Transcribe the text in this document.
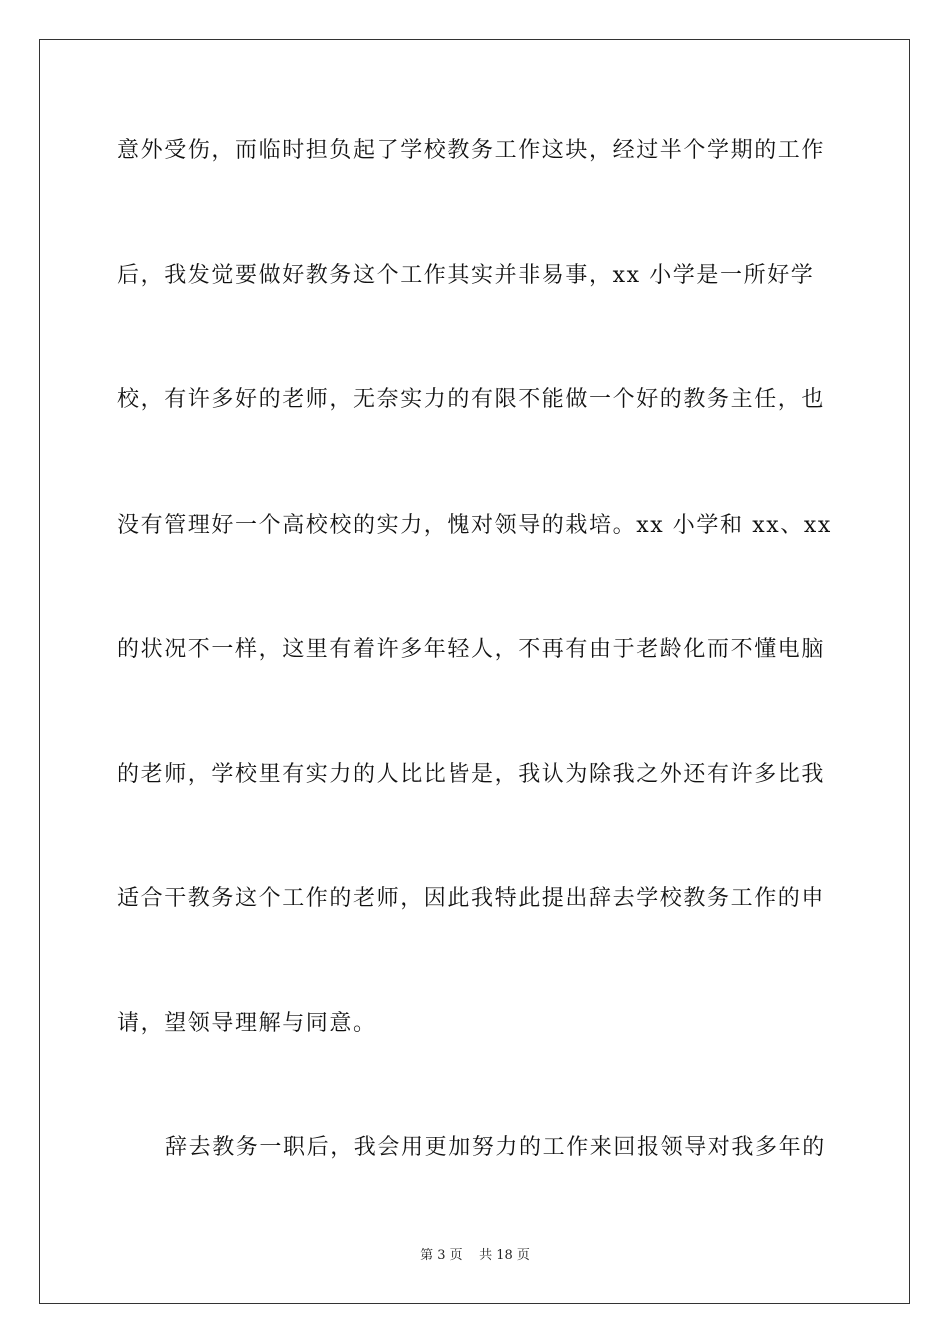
意外受伤，而临时担负起了学校教务工作这块，经过半个学期的工作
后，我发觉要做好教务这个工作其实并非易事，xx 小学是一所好学
校，有许多好的老师，无奈实力的有限不能做一个好的教务主任，也
没有管理好一个高校校的实力，愧对领导的栽培。xx 小学和 xx、xx
的状况不一样，这里有着许多年轻人，不再有由于老龄化而不懂电脑
的老师，学校里有实力的人比比皆是，我认为除我之外还有许多比我
适合干教务这个工作的老师，因此我特此提出辞去学校教务工作的申
请，望领导理解与同意。
辞去教务一职后，我会用更加努力的工作来回报领导对我多年的
第 3 页    共 18 页
